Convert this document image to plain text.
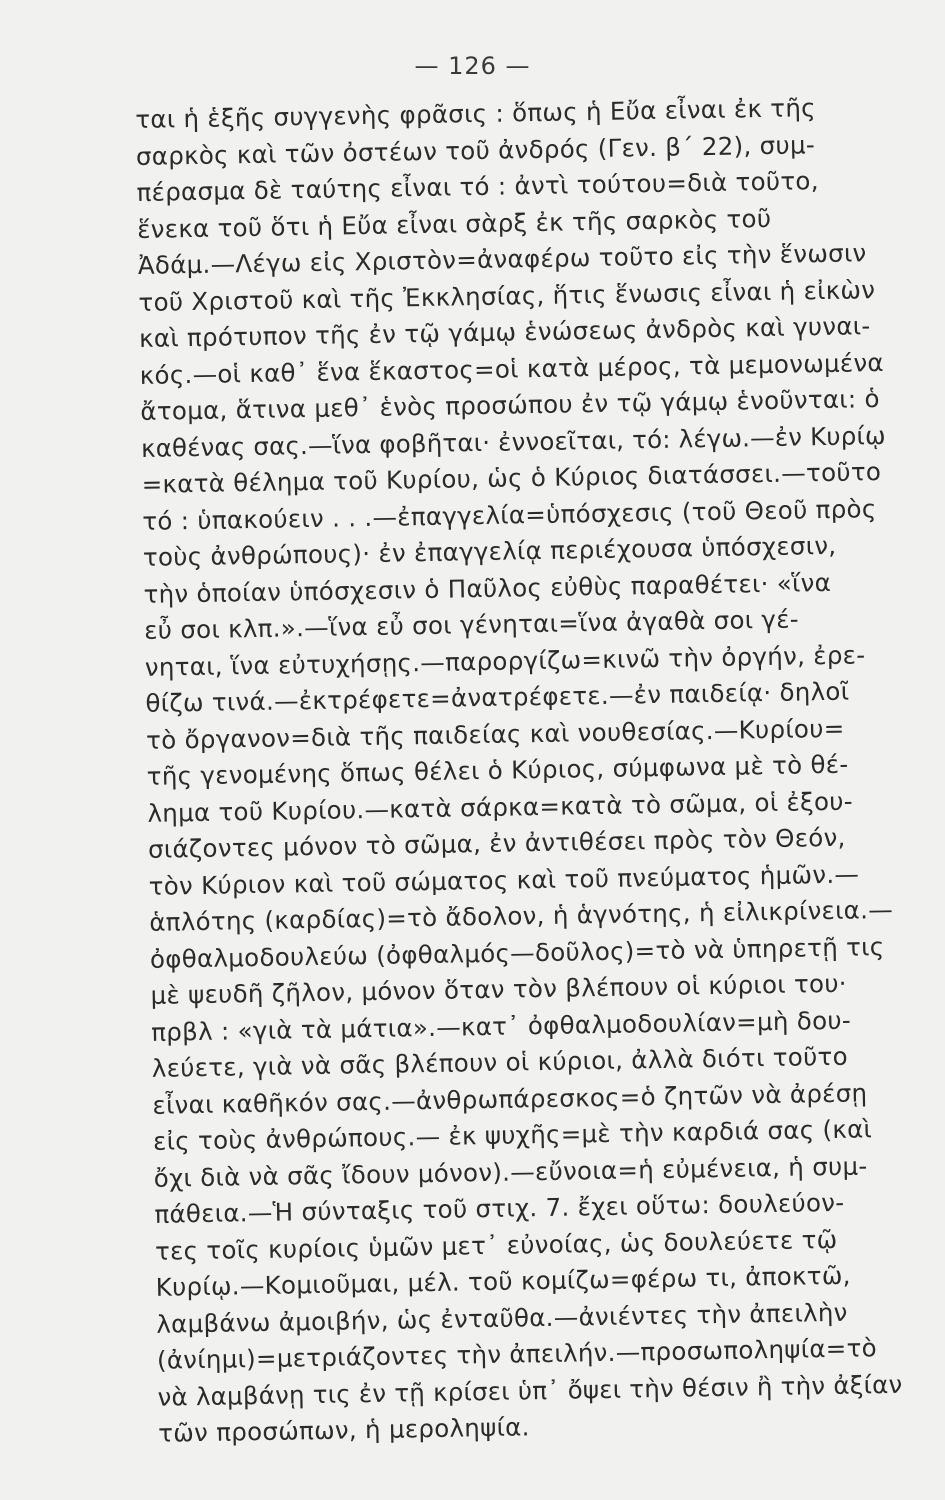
— 126 —
ται ἡ ἑξῆς συγγενὴς φρᾶσις : ὅπως ἡ Εὔα εἶναι ἐκ τῆς
σαρκὸς καὶ τῶν ὀστέων τοῦ ἀνδρός (Γεν. β΄ 22), συμ-
πέρασμα δὲ ταύτης εἶναι τό : ἀντὶ τούτου=διὰ τοῦτο,
ἕνεκα τοῦ ὅτι ἡ Εὔα εἶναι σὰρξ ἐκ τῆς σαρκὸς τοῦ
Ἀδάμ.—Λέγω εἰς Χριστὸν=ἀναφέρω τοῦτο εἰς τὴν ἕνωσιν
τοῦ Χριστοῦ καὶ τῆς Ἐκκλησίας, ἥτις ἕνωσις εἶναι ἡ εἰκὼν
καὶ πρότυπον τῆς ἐν τῷ γάμῳ ἑνώσεως ἀνδρὸς καὶ γυναι-
κός.—οἱ καθ᾿ ἕνα ἕκαστος=οἱ κατὰ μέρος, τὰ μεμονωμένα
ἄτομα, ἅτινα μεθ᾿ ἑνὸς προσώπου ἐν τῷ γάμῳ ἑνοῦνται: ὁ
καθένας σας.—ἵνα φοβῆται· ἐννοεῖται, τό: λέγω.—ἐν Κυρίῳ
=κατὰ θέλημα τοῦ Κυρίου, ὡς ὁ Κύριος διατάσσει.—τοῦτο
τό : ὑπακούειν . . .—ἐπαγγελία=ὑπόσχεσις (τοῦ Θεοῦ πρὸς
τοὺς ἀνθρώπους)· ἐν ἐπαγγελίᾳ περιέχουσα ὑπόσχεσιν,
τὴν ὁποίαν ὑπόσχεσιν ὁ Παῦλος εὐθὺς παραθέτει· «ἵνα
εὖ σοι κλπ.».—ἵνα εὖ σοι γένηται=ἵνα ἀγαθὰ σοι γέ-
νηται, ἵνα εὐτυχήσῃς.—παροργίζω=κινῶ τὴν ὀργήν, ἐρε-
θίζω τινά.—ἐκτρέφετε=ἀνατρέφετε.—ἐν παιδείᾳ· δηλοῖ
τὸ ὄργανον=διὰ τῆς παιδείας καὶ νουθεσίας.—Κυρίου=
τῆς γενομένης ὅπως θέλει ὁ Κύριος, σύμφωνα μὲ τὸ θέ-
λημα τοῦ Κυρίου.—κατὰ σάρκα=κατὰ τὸ σῶμα, οἱ ἐξου-
σιάζοντες μόνον τὸ σῶμα, ἐν ἀντιθέσει πρὸς τὸν Θεόν,
τὸν Κύριον καὶ τοῦ σώματος καὶ τοῦ πνεύματος ἡμῶν.—
ἁπλότης (καρδίας)=τὸ ἄδολον, ἡ ἁγνότης, ἡ εἰλικρίνεια.—
ὀφθαλμοδουλεύω (ὀφθαλμός—δοῦλος)=τὸ νὰ ὑπηρετῇ τις
μὲ ψευδῆ ζῆλον, μόνον ὅταν τὸν βλέπουν οἱ κύριοι του·
πρβλ : «γιὰ τὰ μάτια».—κατ᾿ ὀφθαλμοδουλίαν=μὴ δου-
λεύετε, γιὰ νὰ σᾶς βλέπουν οἱ κύριοι, ἀλλὰ διότι τοῦτο
εἶναι καθῆκόν σας.—ἀνθρωπάρεσκος=ὁ ζητῶν νὰ ἀρέσῃ
εἰς τοὺς ἀνθρώπους.— ἐκ ψυχῆς=μὲ τὴν καρδιά σας (καὶ
ὄχι διὰ νὰ σᾶς ἴδουν μόνον).—εὔνοια=ἡ εὐμένεια, ἡ συμ-
πάθεια.—Ἡ σύνταξις τοῦ στιχ. 7. ἔχει οὕτω: δουλεύον-
τες τοῖς κυρίοις ὑμῶν μετ᾿ εὐνοίας, ὡς δουλεύετε τῷ
Κυρίῳ.—Κομιοῦμαι, μέλ. τοῦ κομίζω=φέρω τι, ἀποκτῶ,
λαμβάνω ἀμοιβήν, ὡς ἐνταῦθα.—ἀνιέντες τὴν ἀπειλὴν
(ἀνίημι)=μετριάζοντες τὴν ἀπειλήν.—προσωποληψία=τὸ
νὰ λαμβάνῃ τις ἐν τῇ κρίσει ὑπ᾿ ὄψει τὴν θέσιν ἢ τὴν ἀξίαν
τῶν προσώπων, ἡ μεροληψία.
